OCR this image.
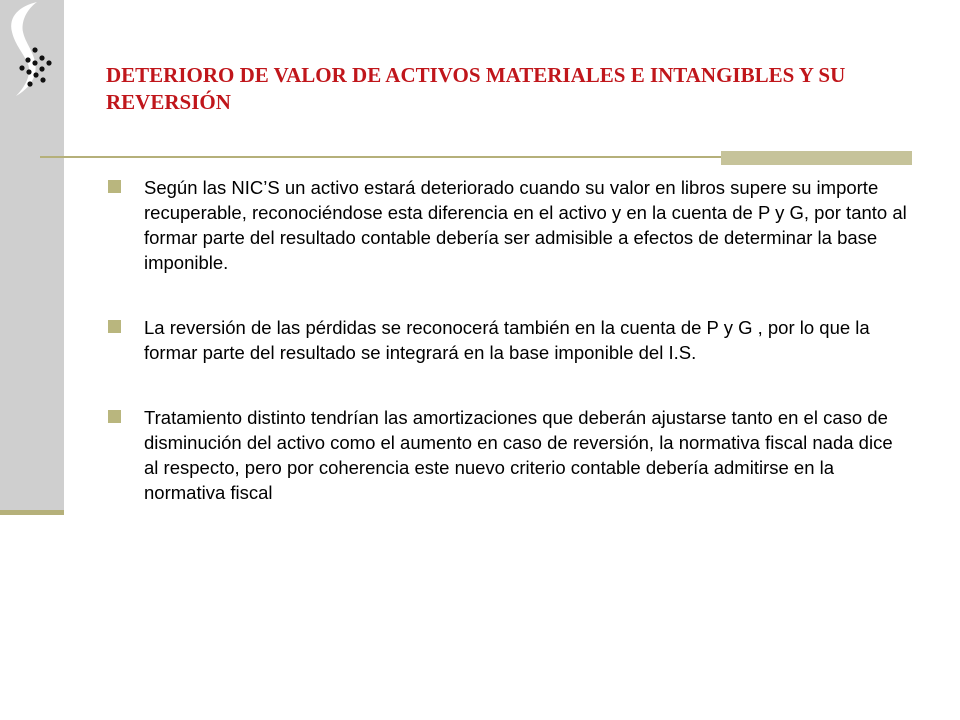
DETERIORO DE VALOR DE ACTIVOS MATERIALES E INTANGIBLES Y SU REVERSIÓN
Según las NIC’S un activo estará deteriorado cuando su valor en libros supere su importe recuperable, reconociéndose esta diferencia en el activo y en la cuenta de P y G, por tanto al formar parte del resultado contable debería ser admisible a efectos de determinar la base imponible.
La reversión de las pérdidas se reconocerá también en la cuenta de P y G , por lo que la formar parte del resultado se integrará en la base imponible del I.S.
Tratamiento distinto tendrían las amortizaciones que deberán ajustarse tanto en el caso de disminución del activo como el aumento en caso de reversión, la normativa fiscal nada dice al respecto, pero por coherencia este nuevo criterio contable debería admitirse en la normativa fiscal
